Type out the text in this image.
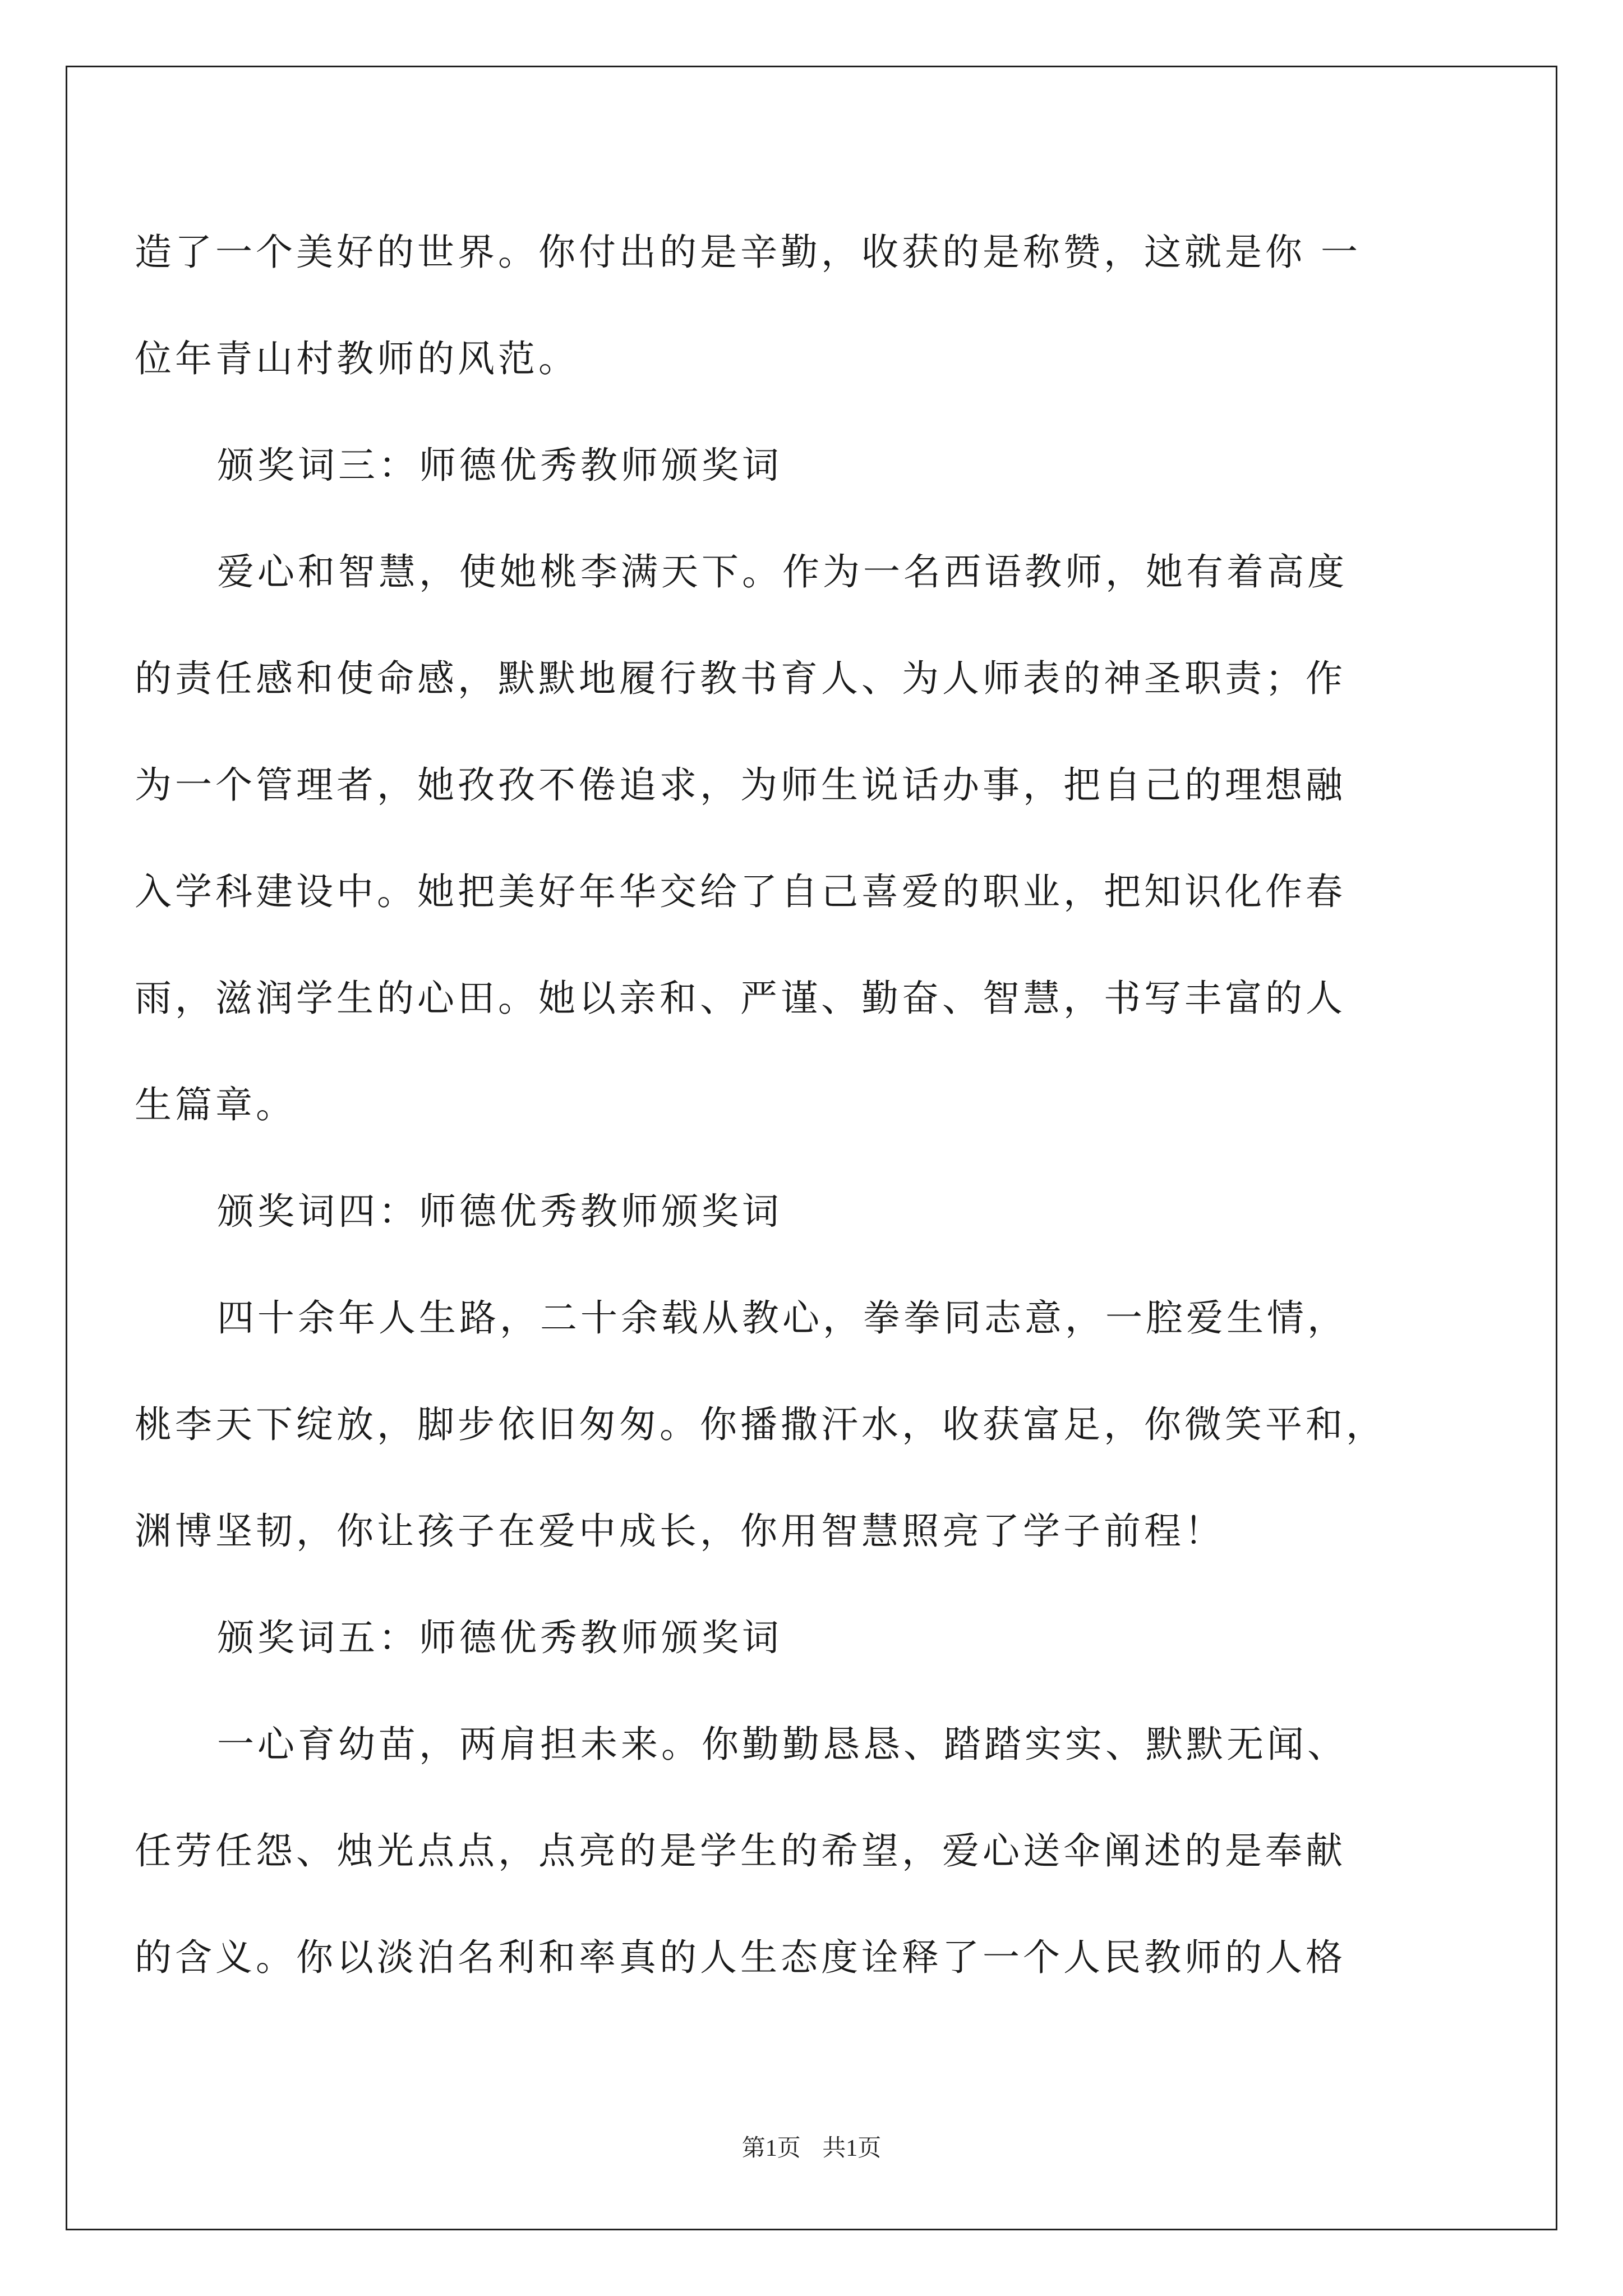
造了一个美好的世界。你付出的是辛勤，收获的是称赞，这就是你 一
位年青山村教师的风范。
颁奖词三：师德优秀教师颁奖词
爱心和智慧，使她桃李满天下。作为一名西语教师，她有着高度
的责任感和使命感，默默地履行教书育人、为人师表的神圣职责；作
为一个管理者，她孜孜不倦追求，为师生说话办事，把自己的理想融
入学科建设中。她把美好年华交给了自己喜爱的职业，把知识化作春
雨，滋润学生的心田。她以亲和、严谨、勤奋、智慧，书写丰富的人
生篇章。
颁奖词四：师德优秀教师颁奖词
四十余年人生路，二十余载从教心，拳拳同志意，一腔爱生情，
桃李天下绽放，脚步依旧匆匆。你播撒汗水，收获富足，你微笑平和，
渊博坚韧，你让孩子在爱中成长，你用智慧照亮了学子前程！
颁奖词五：师德优秀教师颁奖词
一心育幼苗，两肩担未来。你勤勤恳恳、踏踏实实、默默无闻、
任劳任怨、烛光点点，点亮的是学生的希望，爱心送伞阐述的是奉献
的含义。你以淡泊名利和率真的人生态度诠释了一个人民教师的人格
第1页 共1页
